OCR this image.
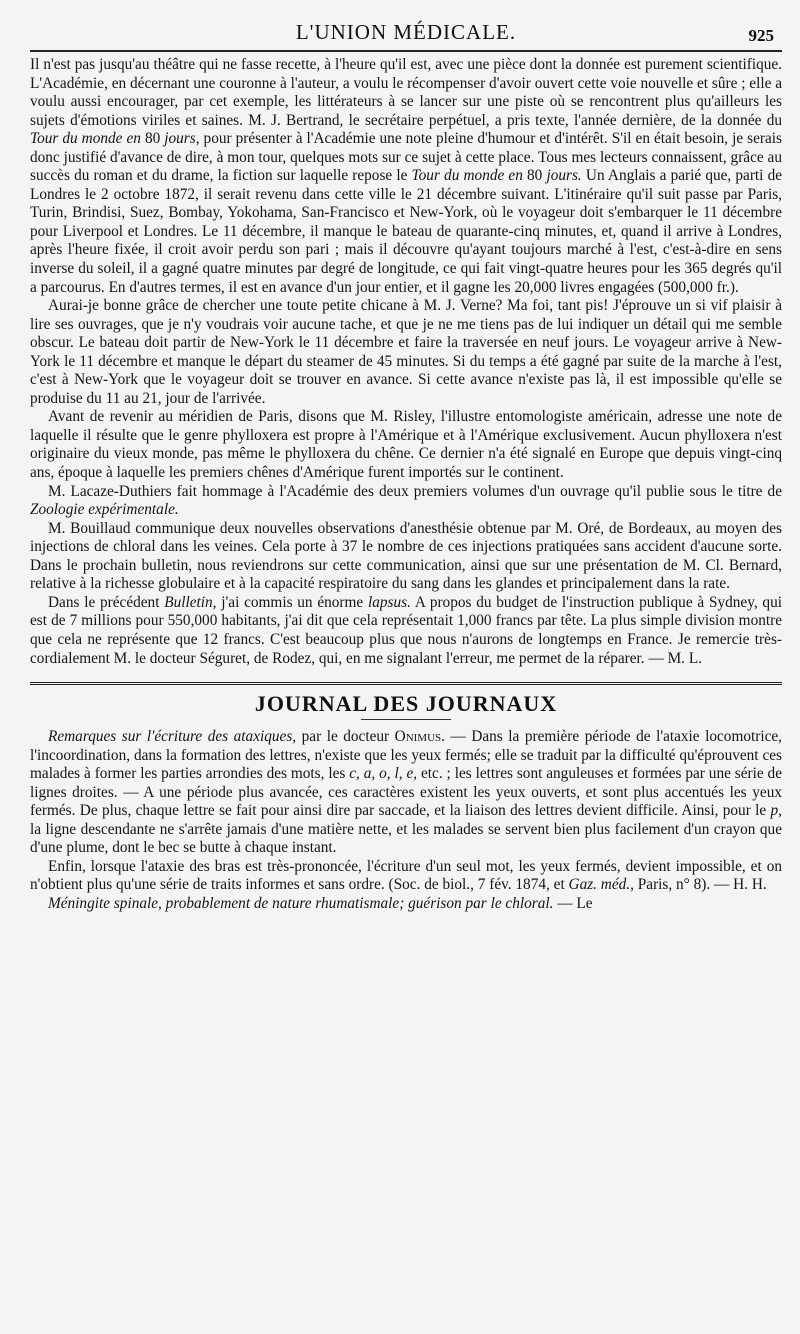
L'UNION MÉDICALE.	925

Il n'est pas jusqu'au théâtre qui ne fasse recette, à l'heure qu'il est, avec une pièce dont la donnée est purement scientifique. L'Académie, en décernant une couronne à l'auteur, a voulu le récompenser d'avoir ouvert cette voie nouvelle et sûre ; elle a voulu aussi encourager, par cet exemple, les littérateurs à se lancer sur une piste où se rencontrent plus qu'ailleurs les sujets d'émotions viriles et saines. M. J. Bertrand, le secrétaire perpétuel, a pris texte, l'année dernière, de la donnée du Tour du monde en 80 jours, pour présenter à l'Académie une note pleine d'humour et d'intérêt. S'il en était besoin, je serais donc justifié d'avance de dire, à mon tour, quelques mots sur ce sujet à cette place. Tous mes lecteurs connaissent, grâce au succès du roman et du drame, la fiction sur laquelle repose le Tour du monde en 80 jours. Un Anglais a parié que, parti de Londres le 2 octobre 1872, il serait revenu dans cette ville le 21 décembre suivant. L'itinéraire qu'il suit passe par Paris, Turin, Brindisi, Suez, Bombay, Yokohama, San-Francisco et New-York, où le voyageur doit s'embarquer le 11 décembre pour Liverpool et Londres. Le 11 décembre, il manque le bateau de quarante-cinq minutes, et, quand il arrive à Londres, après l'heure fixée, il croit avoir perdu son pari ; mais il découvre qu'ayant toujours marché à l'est, c'est-à-dire en sens inverse du soleil, il a gagné quatre minutes par degré de longitude, ce qui fait vingt-quatre heures pour les 365 degrés qu'il a parcourus. En d'autres termes, il est en avance d'un jour entier, et il gagne les 20,000 livres engagées (500,000 fr.).

Aurai-je bonne grâce de chercher une toute petite chicane à M. J. Verne? Ma foi, tant pis! J'éprouve un si vif plaisir à lire ses ouvrages, que je n'y voudrais voir aucune tache, et que je ne me tiens pas de lui indiquer un détail qui me semble obscur. Le bateau doit partir de New-York le 11 décembre et faire la traversée en neuf jours. Le voyageur arrive à New-York le 11 décembre et manque le départ du steamer de 45 minutes. Si du temps a été gagné par suite de la marche à l'est, c'est à New-York que le voyageur doit se trouver en avance. Si cette avance n'existe pas là, il est impossible qu'elle se produise du 11 au 21, jour de l'arrivée.

Avant de revenir au méridien de Paris, disons que M. Risley, l'illustre entomologiste américain, adresse une note de laquelle il résulte que le genre phylloxera est propre à l'Amérique et à l'Amérique exclusivement. Aucun phylloxera n'est originaire du vieux monde, pas même le phylloxera du chêne. Ce dernier n'a été signalé en Europe que depuis vingt-cinq ans, époque à laquelle les premiers chênes d'Amérique furent importés sur le continent.

M. Lacaze-Duthiers fait hommage à l'Académie des deux premiers volumes d'un ouvrage qu'il publie sous le titre de Zoologie expérimentale.

M. Bouillaud communique deux nouvelles observations d'anesthésie obtenue par M. Oré, de Bordeaux, au moyen des injections de chloral dans les veines. Cela porte à 37 le nombre de ces injections pratiquées sans accident d'aucune sorte. Dans le prochain bulletin, nous reviendrons sur cette communication, ainsi que sur une présentation de M. Cl. Bernard, relative à la richesse globulaire et à la capacité respiratoire du sang dans les glandes et principalement dans la rate.

Dans le précédent Bulletin, j'ai commis un énorme lapsus. A propos du budget de l'instruction publique à Sydney, qui est de 7 millions pour 550,000 habitants, j'ai dit que cela représentait 1,000 francs par tête. La plus simple division montre que cela ne représente que 12 francs. C'est beaucoup plus que nous n'aurons de longtemps en France. Je remercie très-cordialement M. le docteur Séguret, de Rodez, qui, en me signalant l'erreur, me permet de la réparer. — M. L.

JOURNAL DES JOURNAUX

Remarques sur l'écriture des ataxiques, par le docteur Onimus. — Dans la première période de l'ataxie locomotrice, l'incoordination, dans la formation des lettres, n'existe que les yeux fermés; elle se traduit par la difficulté qu'éprouvent ces malades à former les parties arrondies des mots, les c, a, o, l, e, etc. ; les lettres sont anguleuses et formées par une série de lignes droites. — A une période plus avancée, ces caractères existent les yeux ouverts, et sont plus accentués les yeux fermés. De plus, chaque lettre se fait pour ainsi dire par saccade, et la liaison des lettres devient difficile. Ainsi, pour le p, la ligne descendante ne s'arrête jamais d'une matière nette, et les malades se servent bien plus facilement d'un crayon que d'une plume, dont le bec se butte à chaque instant.

Enfin, lorsque l'ataxie des bras est très-prononcée, l'écriture d'un seul mot, les yeux fermés, devient impossible, et on n'obtient plus qu'une série de traits informes et sans ordre. (Soc. de biol., 7 fév. 1874, et Gaz. méd., Paris, n° 8). — H. H.

Méningite spinale, probablement de nature rhumatismale; guérison par le chloral. — Le
